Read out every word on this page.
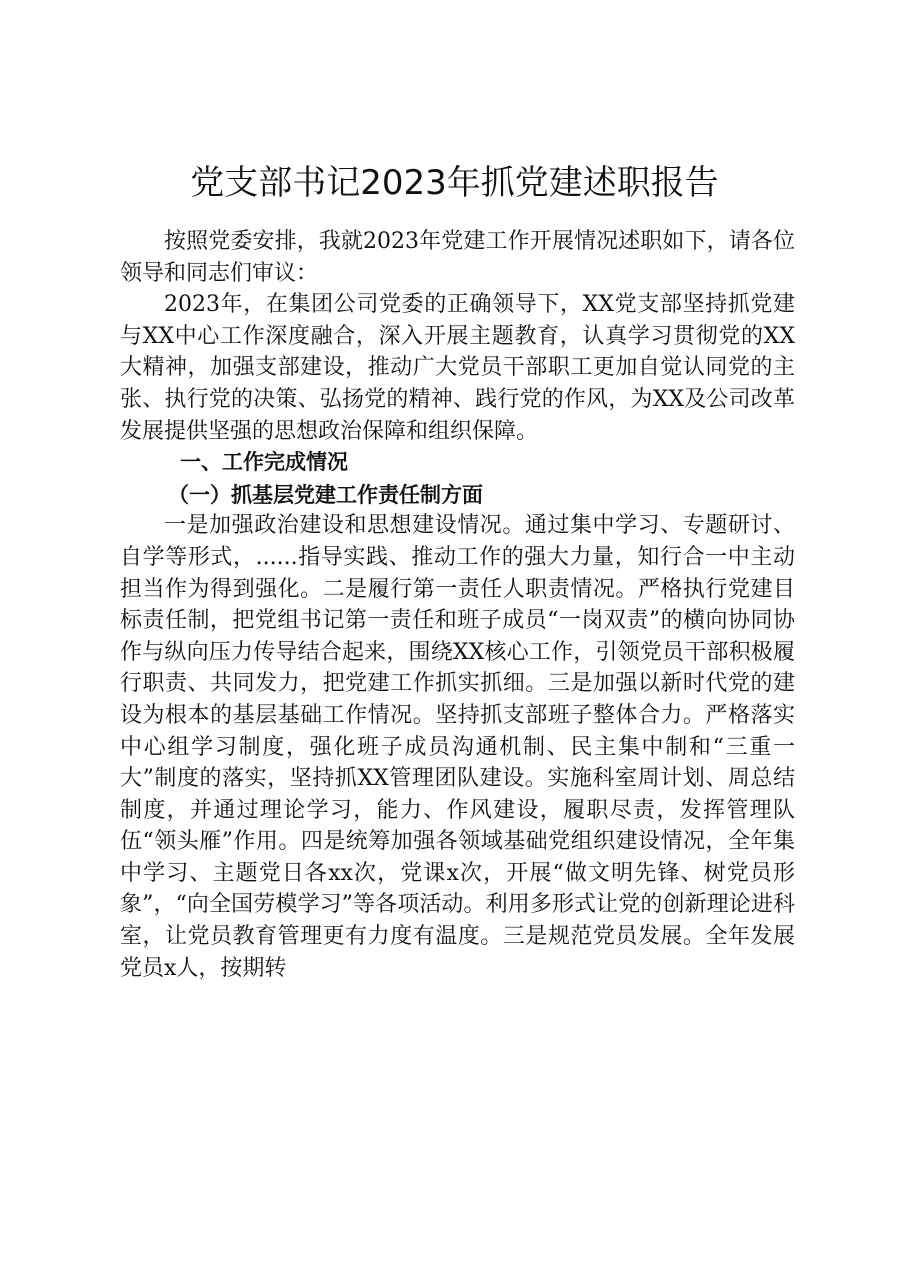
党支部书记2023年抓党建述职报告

按照党委安排，我就2023年党建工作开展情况述职如下，请各位领导和同志们审议：

2023年，在集团公司党委的正确领导下，XX党支部坚持抓党建与XX中心工作深度融合，深入开展主题教育，认真学习贯彻党的XX大精神，加强支部建设，推动广大党员干部职工更加自觉认同党的主张、执行党的决策、弘扬党的精神、践行党的作风，为XX及公司改革发展提供坚强的思想政治保障和组织保障。

一、工作完成情况

（一）抓基层党建工作责任制方面

一是加强政治建设和思想建设情况。通过集中学习、专题研讨、自学等形式，......指导实践、推动工作的强大力量，知行合一中主动担当作为得到强化。二是履行第一责任人职责情况。严格执行党建目标责任制，把党组书记第一责任和班子成员“一岗双责”的横向协同协作与纵向压力传导结合起来，围绕XX核心工作，引领党员干部积极履行职责、共同发力，把党建工作抓实抓细。三是加强以新时代党的建设为根本的基层基础工作情况。坚持抓支部班子整体合力。严格落实中心组学习制度，强化班子成员沟通机制、民主集中制和“三重一大”制度的落实，坚持抓XX管理团队建设。实施科室周计划、周总结制度，并通过理论学习，能力、作风建设，履职尽责，发挥管理队伍“领头雁”作用。四是统筹加强各领域基础党组织建设情况，全年集中学习、主题党日各xx次，党课x次，开展“做文明先锋、树党员形象”，“向全国劳模学习”等各项活动。利用多形式让党的创新理论进科室，让党员教育管理更有力度有温度。三是规范党员发展。全年发展党员x人，按期转
